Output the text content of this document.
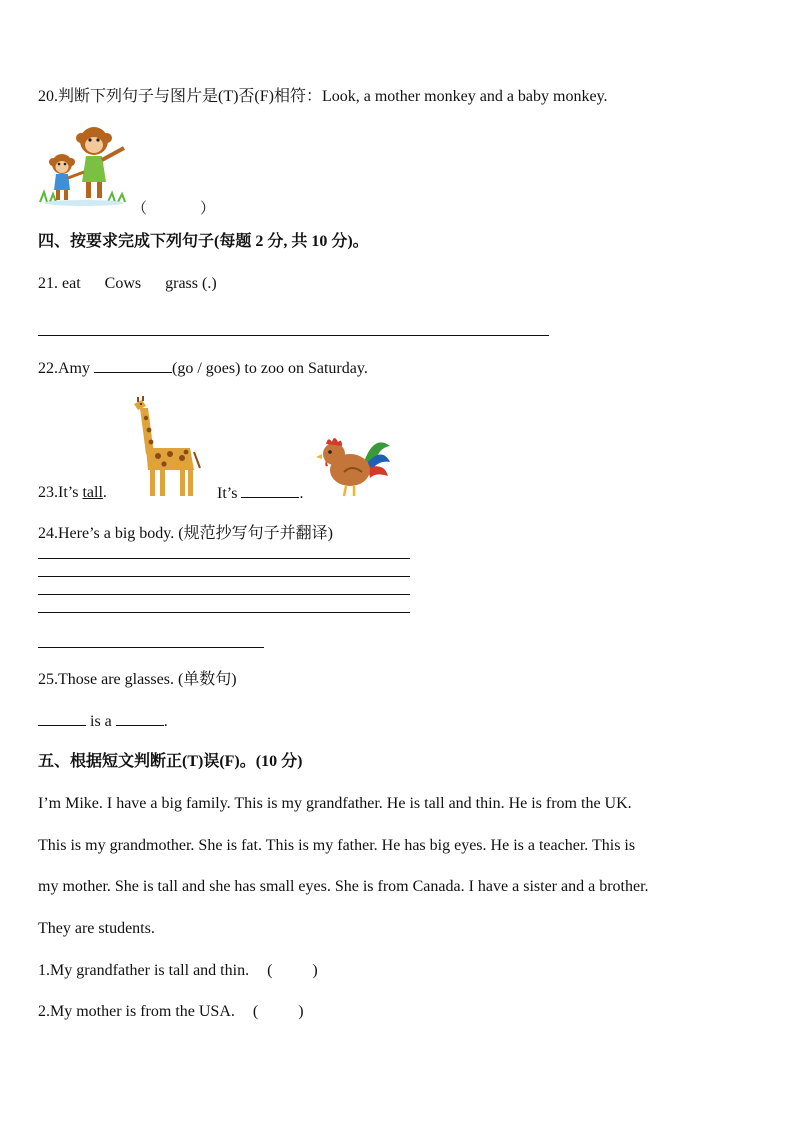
20.判断下列句子与图片是(T)否(F)相符：Look, a mother monkey and a baby monkey.
（	）
四、按要求完成下列句子(每题 2 分, 共 10 分)。
21. eat Cows grass (.)
22.Amy	(go / goes) to zoo on Saturday.
23.It’s tall.	It’s	.
24.Here’s a big body. (规范抄写句子并翻译)
25.Those are glasses. (单数句)
is a	.
五、根据短文判断正(T)误(F)。(10 分)
I’m Mike. I have a big family. This is my grandfather. He is tall and thin. He is from the UK.
This is my grandmother. She is fat. This is my father. He has big eyes. He is a teacher. This is
my mother. She is tall and she has small eyes. She is from Canada. I have a sister and a brother.
They are students.
1.My grandfather is tall and thin. (          )
2.My mother is from the USA. (          )
